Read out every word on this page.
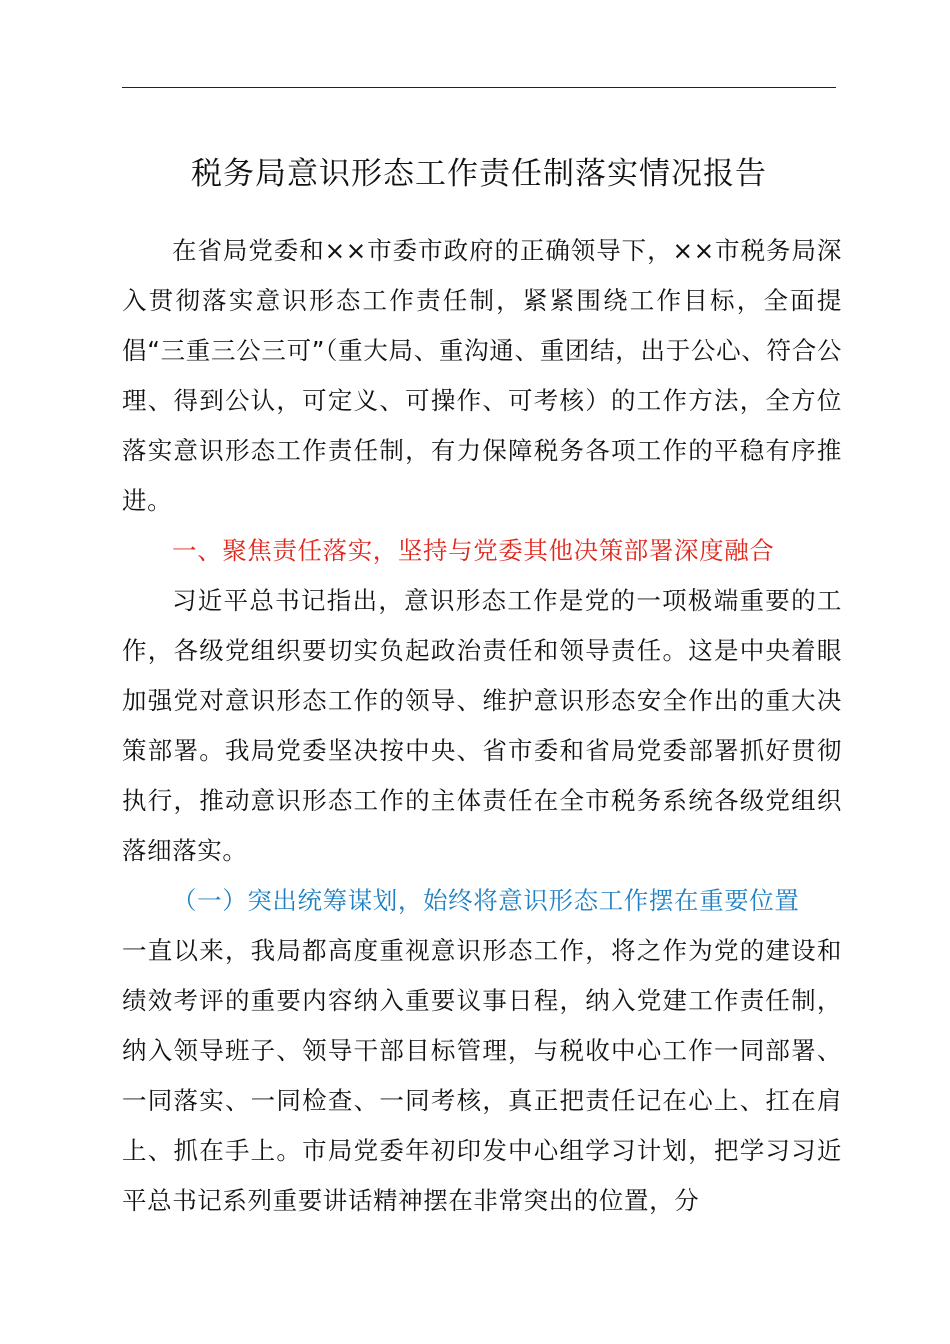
税务局意识形态工作责任制落实情况报告

在省局党委和××市委市政府的正确领导下，××市税务局深入贯彻落实意识形态工作责任制，紧紧围绕工作目标，全面提倡“三重三公三可”（重大局、重沟通、重团结，出于公心、符合公理、得到公认，可定义、可操作、可考核）的工作方法，全方位落实意识形态工作责任制，有力保障税务各项工作的平稳有序推进。

一、聚焦责任落实，坚持与党委其他决策部署深度融合

习近平总书记指出，意识形态工作是党的一项极端重要的工作，各级党组织要切实负起政治责任和领导责任。这是中央着眼加强党对意识形态工作的领导、维护意识形态安全作出的重大决策部署。我局党委坚决按中央、省市委和省局党委部署抓好贯彻执行，推动意识形态工作的主体责任在全市税务系统各级党组织落细落实。

（一）突出统筹谋划，始终将意识形态工作摆在重要位置

一直以来，我局都高度重视意识形态工作，将之作为党的建设和绩效考评的重要内容纳入重要议事日程，纳入党建工作责任制，纳入领导班子、领导干部目标管理，与税收中心工作一同部署、一同落实、一同检查、一同考核，真正把责任记在心上、扛在肩上、抓在手上。市局党委年初印发中心组学习计划，把学习习近平总书记系列重要讲话精神摆在非常突出的位置，分
